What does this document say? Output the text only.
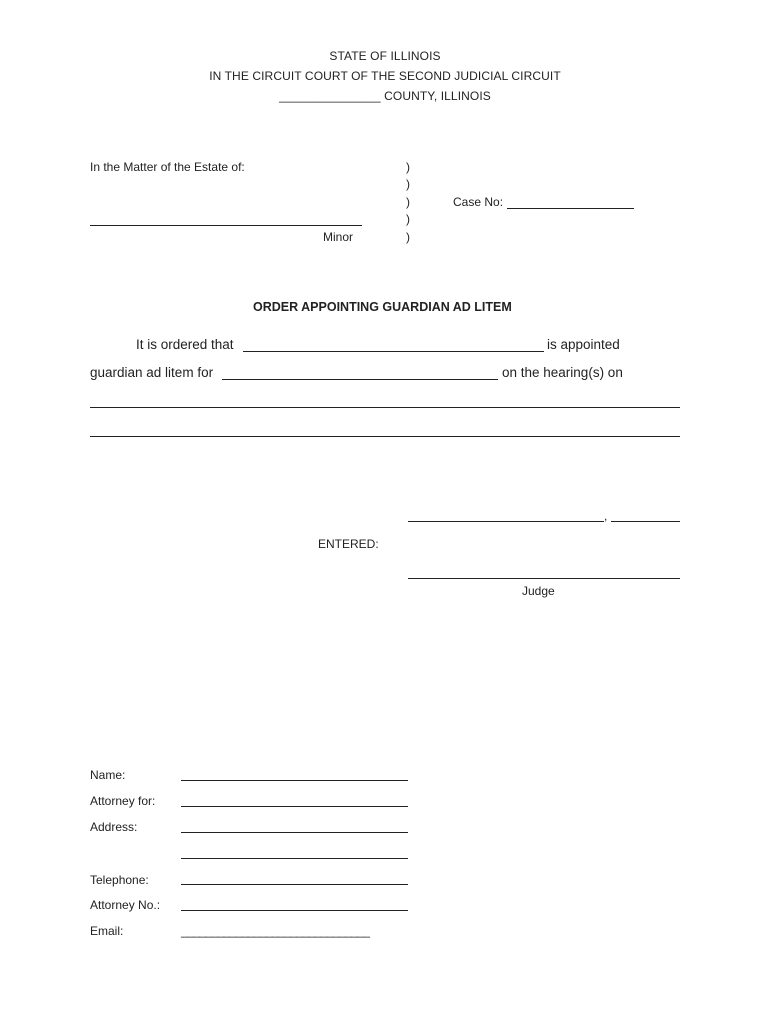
STATE OF ILLINOIS
IN THE CIRCUIT COURT OF THE SECOND JUDICIAL CIRCUIT
_______________ COUNTY, ILLINOIS
In the Matter of the Estate of:
Minor
)
)
)
)
)
Case No:
ORDER APPOINTING GUARDIAN AD LITEM
It is ordered that	is appointed
guardian ad litem for	on the hearing(s) on
,
ENTERED:
Judge
Name:
Attorney for:
Address:
Telephone:
Attorney No.:
Email:	_______________________________
